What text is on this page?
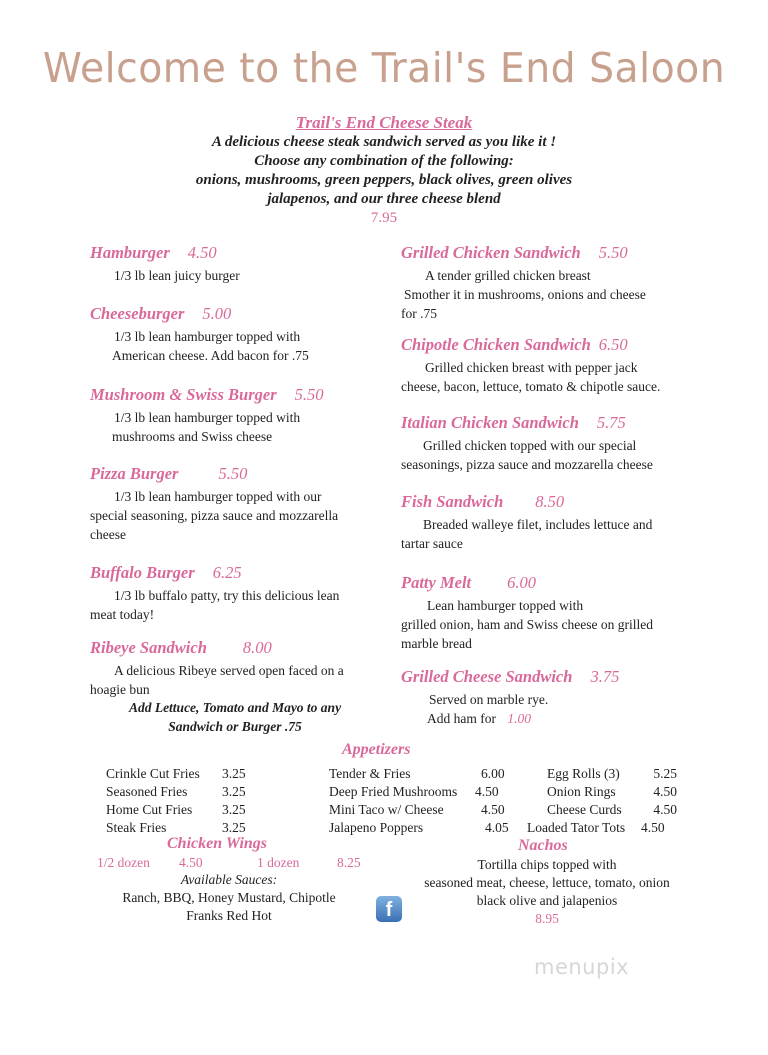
Welcome to the Trail's End Saloon
Trail's End Cheese Steak
A delicious cheese steak sandwich served as you like it !
Choose any combination of the following:
onions, mushrooms, green peppers, black olives, green olives
jalapenos, and our three cheese blend
7.95
Hamburger 4.50
1/3 lb lean juicy burger
Cheeseburger 5.00
1/3 lb lean hamburger topped with
American cheese. Add bacon for .75
Mushroom & Swiss Burger 5.50
1/3 lb lean hamburger topped with
mushrooms and Swiss cheese
Pizza Burger 5.50
1/3 lb lean hamburger topped with our
special seasoning, pizza sauce and mozzarella
cheese
Buffalo Burger 6.25
1/3 lb buffalo patty, try this delicious lean
meat today!
Ribeye Sandwich 8.00
A delicious Ribeye served open faced on a
hoagie bun
Add Lettuce, Tomato and Mayo to any
Sandwich or Burger .75
Grilled Chicken Sandwich 5.50
A tender grilled chicken breast
Smother it in mushrooms, onions and cheese
for .75
Chipotle Chicken Sandwich 6.50
Grilled chicken breast with pepper jack
cheese, bacon, lettuce, tomato & chipotle sauce.
Italian Chicken Sandwich 5.75
Grilled chicken topped with our special
seasonings, pizza sauce and mozzarella cheese
Fish Sandwich 8.50
Breaded walleye filet, includes lettuce and
tartar sauce
Patty Melt 6.00
Lean hamburger topped with
grilled onion, ham and Swiss cheese on grilled
marble bread
Grilled Cheese Sandwich 3.75
Served on marble rye.
Add ham for 1.00
Appetizers
Crinkle Cut Fries	3.25
Seasoned Fries	3.25
Home Cut Fries	3.25
Steak Fries	3.25
Tender & Fries	6.00
Deep Fried Mushrooms	4.50
Mini Taco w/ Cheese	4.50
Jalapeno Poppers	4.05
Egg Rolls (3)	5.25
Onion Rings	4.50
Cheese Curds	4.50
Loaded Tator Tots	4.50
Chicken Wings
1/2 dozen	4.50	1 dozen	8.25
Available Sauces:
Ranch, BBQ, Honey Mustard, Chipotle
Franks Red Hot
Nachos
Tortilla chips topped with
seasoned meat, cheese, lettuce, tomato, onion
black olive and jalapenios
8.95
f
menupix
